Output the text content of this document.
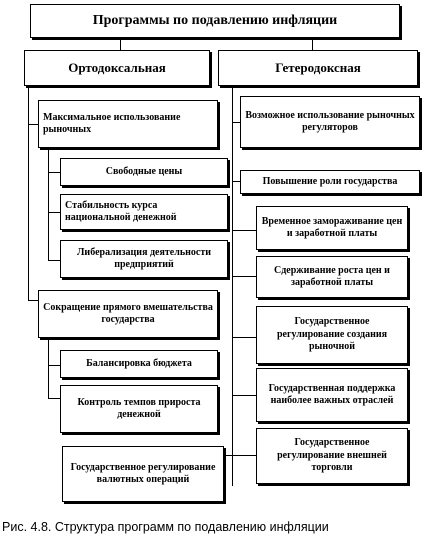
Программы по подавлению инфляции
Ортодоксальная	Гетеродоксная
Максимальное использование рыночных
Свободные цены
Стабильность курса национальной денежной
Либерализация деятельности предприятий
Сокращение прямого вмешательства государства
Балансировка бюджета
Контроль темпов прироста денежной
Государственное регулирование валютных операций
Возможное использование рыночных регуляторов
Повышение роли государства
Временное замораживание цен и заработной платы
Сдерживание роста цен и заработной платы
Государственное регулирование создания рыночной
Государственная поддержка наиболее важных отраслей
Государственное регулирование внешней торговли
Рис. 4.8. Структура программ по подавлению инфляции
